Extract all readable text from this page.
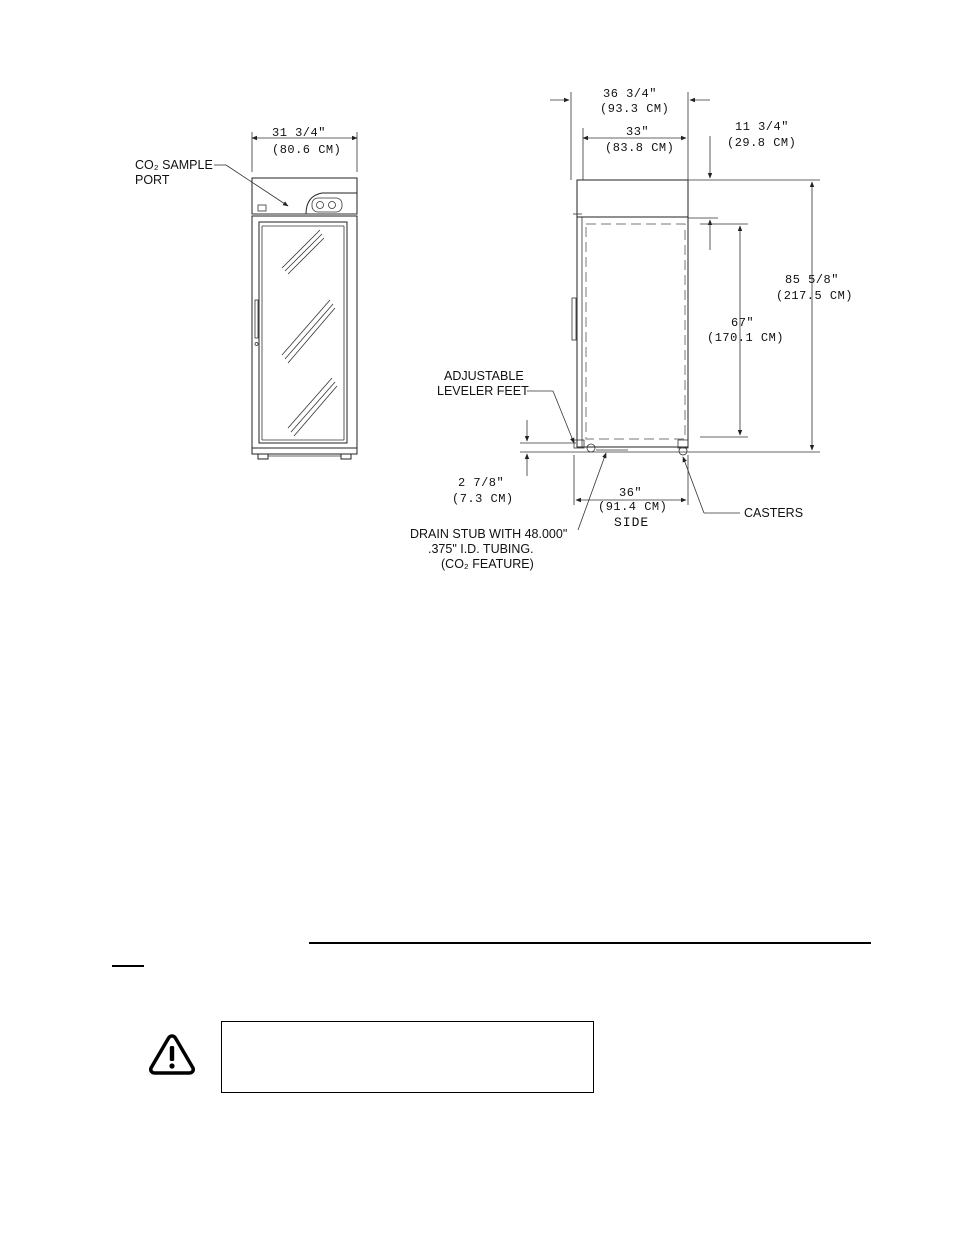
31 3/4"
(80.6 CM)
CO₂ SAMPLE
PORT
36 3/4"
(93.3 CM)
33"
(83.8 CM)
11 3/4"
(29.8 CM)
85 5/8"
(217.5 CM)
67"
(170.1 CM)
ADJUSTABLE
LEVELER FEET
2 7/8"
(7.3 CM)	36"
(91.4 CM)
SIDE
CASTERS
DRAIN STUB WITH 48.000"
.375" I.D. TUBING.
(CO₂ FEATURE)
